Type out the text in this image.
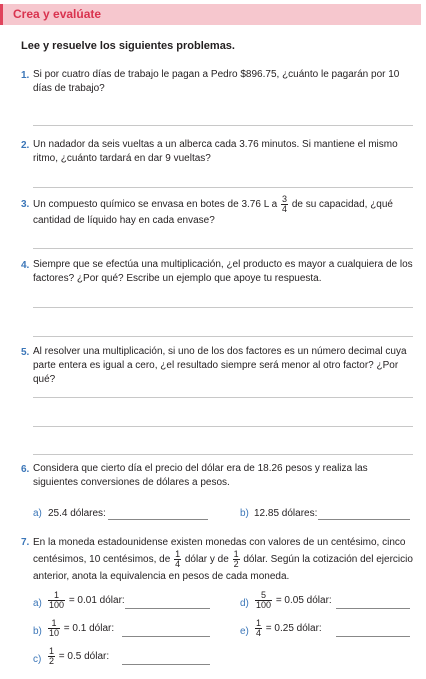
Crea y evalúate
Lee y resuelve los siguientes problemas.
1. Si por cuatro días de trabajo le pagan a Pedro $896.75, ¿cuánto le pagarán por 10 días de trabajo?
2. Un nadador da seis vueltas a un alberca cada 3.76 minutos. Si mantiene el mismo ritmo, ¿cuánto tardará en dar 9 vueltas?
3. Un compuesto químico se envasa en botes de 3.76 L a $\frac{3}{4}$ de su capacidad, ¿qué cantidad de líquido hay en cada envase?
4. Siempre que se efectúa una multiplicación, ¿el producto es mayor a cualquiera de los factores? ¿Por qué? Escribe un ejemplo que apoye tu respuesta.
5. Al resolver una multiplicación, si uno de los dos factores es un número decimal cuya parte entera es igual a cero, ¿el resultado siempre será menor al otro factor? ¿Por qué?
6. Considera que cierto día el precio del dólar era de 18.26 pesos y realiza las siguientes conversiones de dólares a pesos.
a) 25.4 dólares:	b) 12.85 dólares:
7. En la moneda estadounidense existen monedas con valores de un centésimo, cinco centésimos, 10 centésimos, de $\frac{1}{4}$ dólar y de $\frac{1}{2}$ dólar. Según la cotización del ejercicio anterior, anota la equivalencia en pesos de cada moneda.
$a) \frac{1}{100} = 0.01$ dólar:
$b) \frac{1}{10} = 0.1$ dólar:
$c) \frac{1}{2} = 0.5$ dólar:
$d) \frac{5}{100} = 0.05$ dólar:
$e) \frac{1}{4} = 0.25$ dólar:
